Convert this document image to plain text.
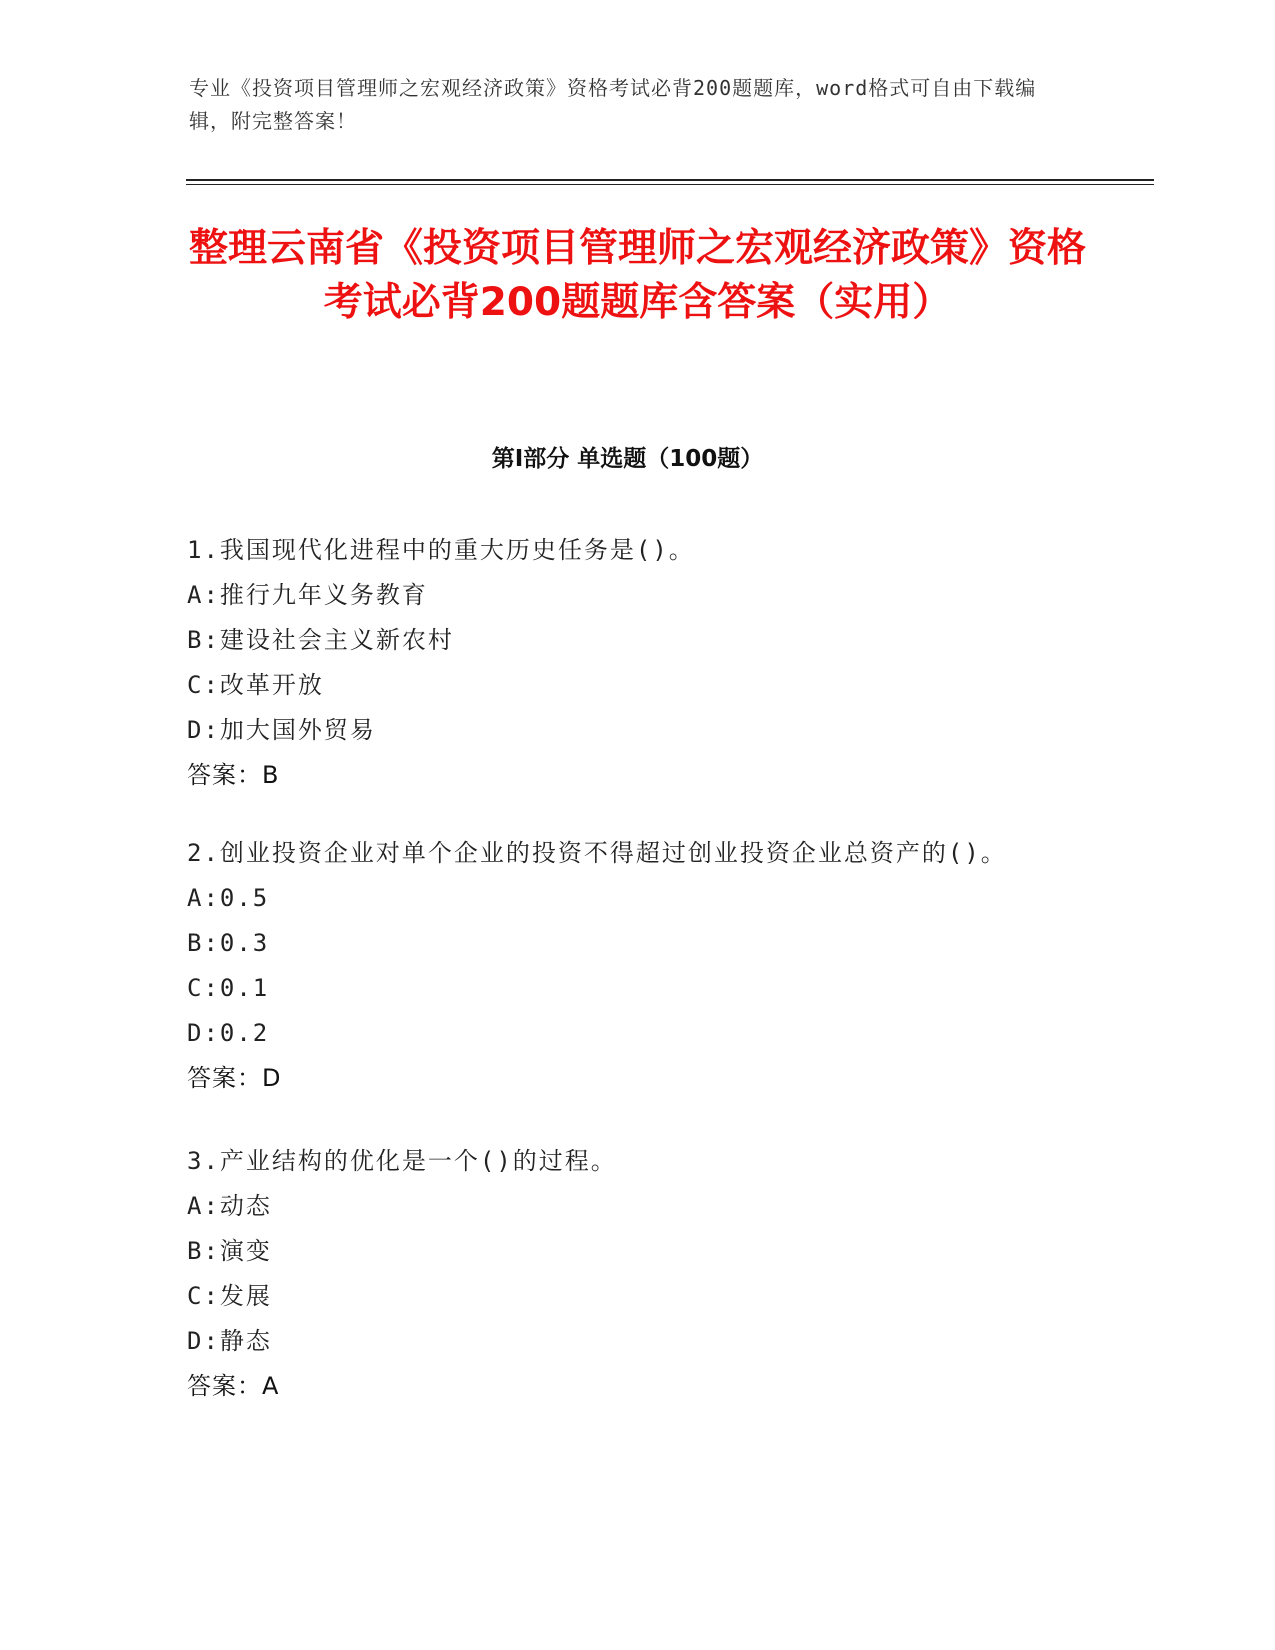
专业《投资项目管理师之宏观经济政策》资格考试必背200题题库，word格式可自由下载编辑，附完整答案！
整理云南省《投资项目管理师之宏观经济政策》资格考试必背200题题库含答案（实用）
第Ⅰ部分 单选题（100题）

1.我国现代化进程中的重大历史任务是()。

A:推行九年义务教育

B:建设社会主义新农村

C:改革开放

D:加大国外贸易

答案：B

2.创业投资企业对单个企业的投资不得超过创业投资企业总资产的()。

A:0.5

B:0.3

C:0.1

D:0.2

答案：D

3.产业结构的优化是一个()的过程。

A:动态

B:演变

C:发展

D:静态

答案：A
